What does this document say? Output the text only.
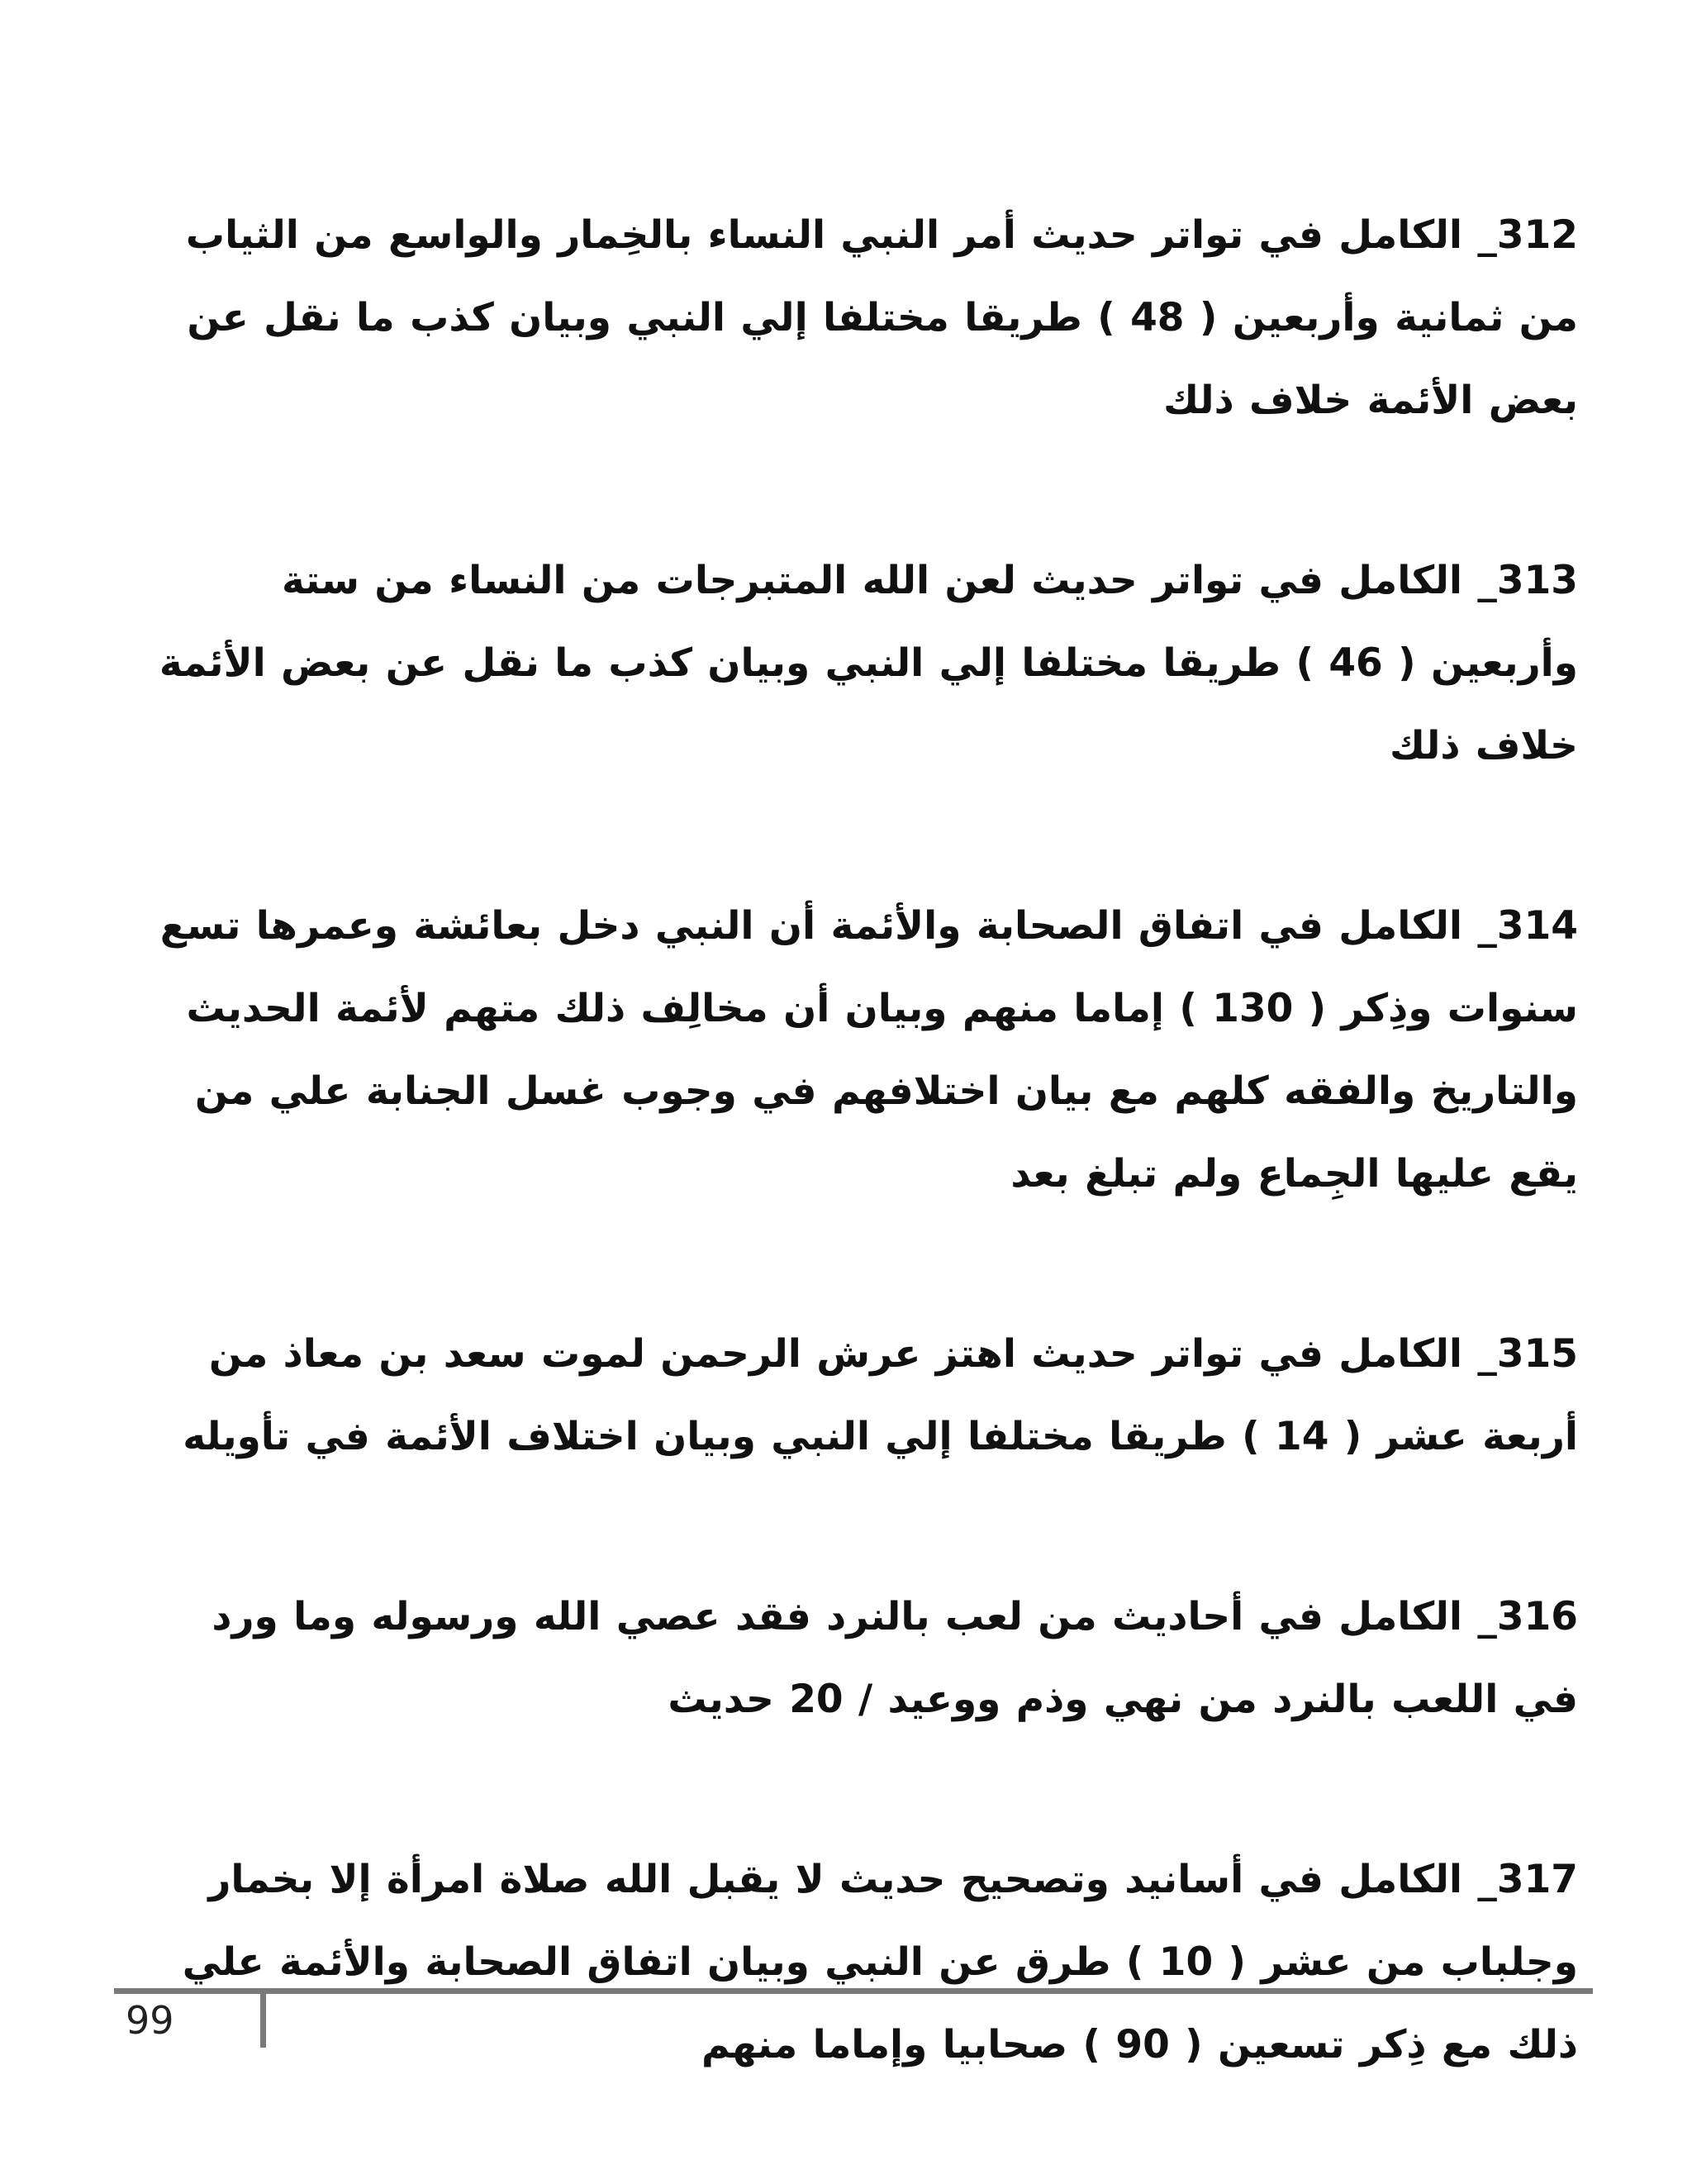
312_ الكامل في تواتر حديث أمر النبي النساء بالخِمار والواسع من الثياب من ثمانية وأربعين ( 48 ) طريقا مختلفا إلي النبي وبيان كذب ما نقل عن بعض الأئمة خلاف ذلك

313_ الكامل في تواتر حديث لعن الله المتبرجات من النساء من ستة وأربعين ( 46 ) طريقا مختلفا إلي النبي وبيان كذب ما نقل عن بعض الأئمة خلاف ذلك

314_ الكامل في اتفاق الصحابة والأئمة أن النبي دخل بعائشة وعمرها تسع سنوات وذِكر ( 130 ) إماما منهم وبيان أن مخالِف ذلك متهم لأئمة الحديث والتاريخ والفقه كلهم مع بيان اختلافهم في وجوب غسل الجنابة علي من يقع عليها الجِماع ولم تبلغ بعد

315_ الكامل في تواتر حديث اهتز عرش الرحمن لموت سعد بن معاذ من أربعة عشر ( 14 ) طريقا مختلفا إلي النبي وبيان اختلاف الأئمة في تأويله

316_ الكامل في أحاديث من لعب بالنرد فقد عصي الله ورسوله وما ورد في اللعب بالنرد من نهي وذم ووعيد / 20 حديث

317_ الكامل في أسانيد وتصحيح حديث لا يقبل الله صلاة امرأة إلا بخمار وجلباب من عشر ( 10 ) طرق عن النبي وبيان اتفاق الصحابة والأئمة علي ذلك مع ذِكر تسعين ( 90 ) صحابيا وإماما منهم

99
